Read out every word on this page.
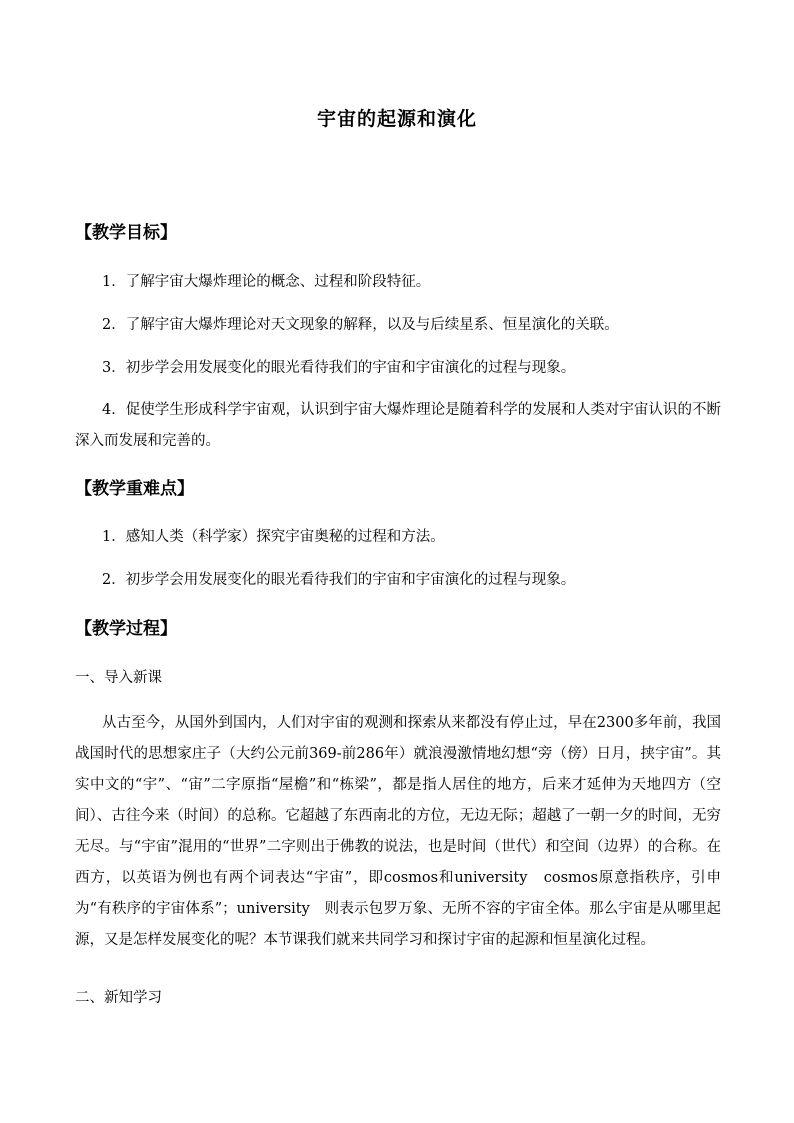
宇宙的起源和演化
【教学目标】
1．了解宇宙大爆炸理论的概念、过程和阶段特征。
2．了解宇宙大爆炸理论对天文现象的解释，以及与后续星系、恒星演化的关联。
3．初步学会用发展变化的眼光看待我们的宇宙和宇宙演化的过程与现象。
4．促使学生形成科学宇宙观，认识到宇宙大爆炸理论是随着科学的发展和人类对宇宙认识的不断深入而发展和完善的。
【教学重难点】
1．感知人类（科学家）探究宇宙奥秘的过程和方法。
2．初步学会用发展变化的眼光看待我们的宇宙和宇宙演化的过程与现象。
【教学过程】
一、导入新课
从古至今，从国外到国内，人们对宇宙的观测和探索从来都没有停止过，早在2300多年前，我国战国时代的思想家庄子（大约公元前369-前286年）就浪漫激情地幻想“旁（傍）日月，挟宇宙”。其实中文的“宇”、“宙”二字原指“屋檐”和“栋梁”，都是指人居住的地方，后来才延伸为天地四方（空间）、古往今来（时间）的总称。它超越了东西南北的方位，无边无际；超越了一朝一夕的时间，无穷无尽。与“宇宙”混用的“世界”二字则出于佛教的说法，也是时间（世代）和空间（边界）的合称。在西方，以英语为例也有两个词表达“宇宙”，即cosmos和university　cosmos原意指秩序，引申为“有秩序的宇宙体系”；university　则表示包罗万象、无所不容的宇宙全体。那么宇宙是从哪里起源，又是怎样发展变化的呢？本节课我们就来共同学习和探讨宇宙的起源和恒星演化过程。
二、新知学习
